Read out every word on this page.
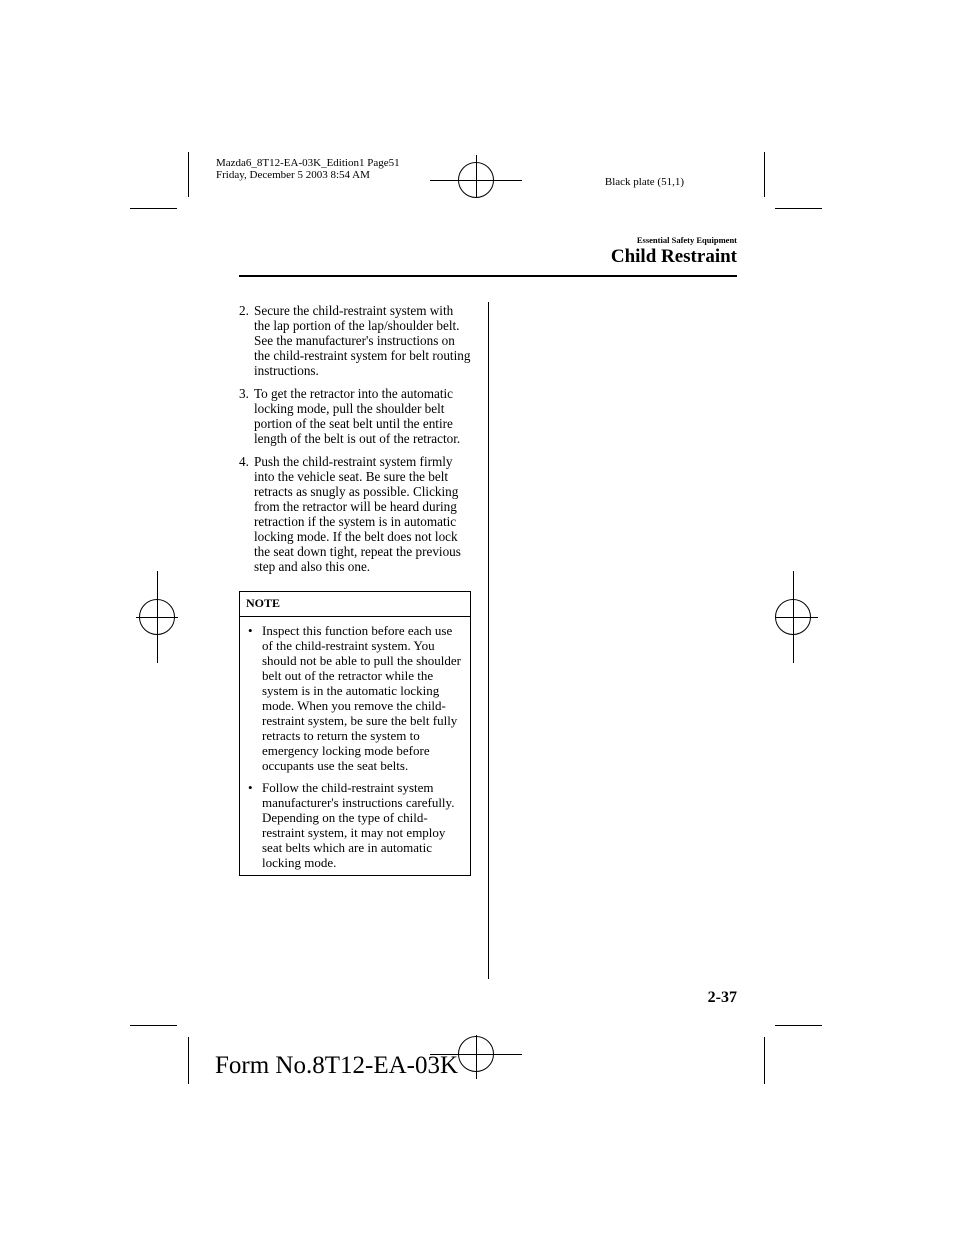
Mazda6_8T12-EA-03K_Edition1 Page51
Friday, December 5 2003 8:54 AM
Black plate (51,1)
Essential Safety Equipment
Child Restraint
2. Secure the child-restraint system with the lap portion of the lap/shoulder belt. See the manufacturer's instructions on the child-restraint system for belt routing instructions.
3. To get the retractor into the automatic locking mode, pull the shoulder belt portion of the seat belt until the entire length of the belt is out of the retractor.
4. Push the child-restraint system firmly into the vehicle seat. Be sure the belt retracts as snugly as possible. Clicking from the retractor will be heard during retraction if the system is in automatic locking mode. If the belt does not lock the seat down tight, repeat the previous step and also this one.
NOTE
• Inspect this function before each use of the child-restraint system. You should not be able to pull the shoulder belt out of the retractor while the system is in the automatic locking mode. When you remove the child-restraint system, be sure the belt fully retracts to return the system to emergency locking mode before occupants use the seat belts.
• Follow the child-restraint system manufacturer's instructions carefully. Depending on the type of child-restraint system, it may not employ seat belts which are in automatic locking mode.
2-37
Form No.8T12-EA-03K
